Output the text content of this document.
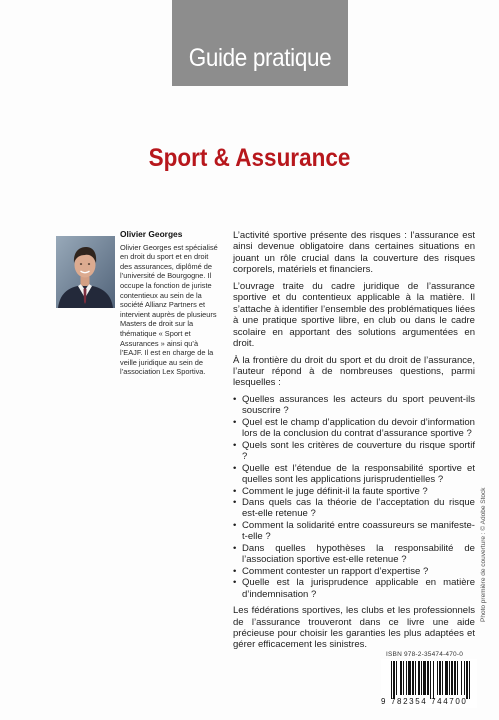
Guide pratique
Sport & Assurance
Olivier Georges

Olivier Georges est spécialisé en droit du sport et en droit des assurances, diplômé de l’université de Bourgogne. Il occupe la fonction de juriste contentieux au sein de la société Allianz Partners et intervient auprès de plusieurs Masters de droit sur la thématique « Sport et Assurances » ainsi qu’à l’EAJF. Il est en charge de la veille juridique au sein de l’association Lex Sportiva.

L’activité sportive présente des risques : l’assurance est ainsi devenue obligatoire dans certaines situations en jouant un rôle crucial dans la couverture des risques corporels, matériels et financiers.

L’ouvrage traite du cadre juridique de l’assurance sportive et du contentieux applicable à la matière. Il s’attache à identifier l’ensemble des problématiques liées à une pratique sportive libre, en club ou dans le cadre scolaire en apportant des solutions argumentées en droit.

À la frontière du droit du sport et du droit de l’assurance, l’auteur répond à de nombreuses questions, parmi lesquelles :

• Quelles assurances les acteurs du sport peuvent-ils souscrire ?
• Quel est le champ d’application du devoir d’information lors de la conclusion du contrat d’assurance sportive ?
• Quels sont les critères de couverture du risque sportif ?
• Quelle est l’étendue de la responsabilité sportive et quelles sont les applications jurisprudentielles ?
• Comment le juge définit-il la faute sportive ?
• Dans quels cas la théorie de l’acceptation du risque est-elle retenue ?
• Comment la solidarité entre coassureurs se manifeste-t-elle ?
• Dans quelles hypothèses la responsabilité de l’association sportive est-elle retenue ?
• Comment contester un rapport d’expertise ?
• Quelle est la jurisprudence applicable en matière d’indemnisation ?

Les fédérations sportives, les clubs et les professionnels de l’assurance trouveront dans ce livre une aide précieuse pour choisir les garanties les plus adaptées et gérer efficacement les sinistres.

Photo première de couverture : © Adobe Stock
ISBN 978-2-35474-470-0
9 782354 744700
